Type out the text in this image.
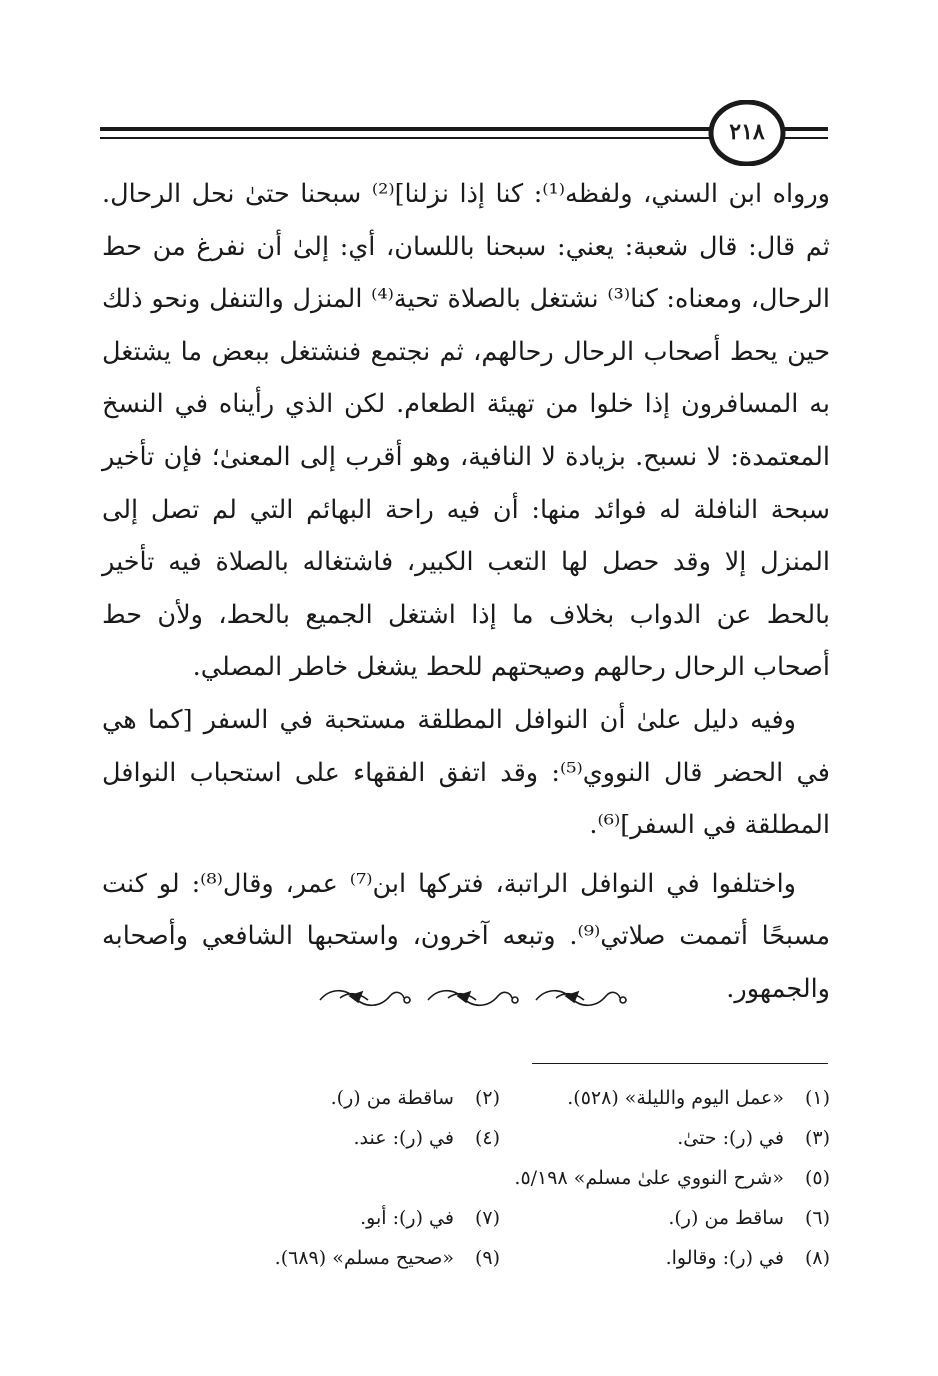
٢١٨

ورواه ابن السني، ولفظه⁽¹⁾: كنا إذا نزلنا]⁽²⁾ سبحنا حتىٰ نحل الرحال. ثم قال: قال شعبة: يعني: سبحنا باللسان، أي: إلىٰ أن نفرغ من حط الرحال، ومعناه: كنا⁽³⁾ نشتغل بالصلاة تحية⁽⁴⁾ المنزل والتنفل ونحو ذلك حين يحط أصحاب الرحال رحالهم، ثم نجتمع فنشتغل ببعض ما يشتغل به المسافرون إذا خلوا من تهيئة الطعام. لكن الذي رأيناه في النسخ المعتمدة: لا نسبح. بزيادة لا النافية، وهو أقرب إلى المعنىٰ؛ فإن تأخير سبحة النافلة له فوائد منها: أن فيه راحة البهائم التي لم تصل إلى المنزل إلا وقد حصل لها التعب الكبير، فاشتغاله بالصلاة فيه تأخير بالحط عن الدواب بخلاف ما إذا اشتغل الجميع بالحط، ولأن حط أصحاب الرحال رحالهم وصيحتهم للحط يشغل خاطر المصلي.

وفيه دليل علىٰ أن النوافل المطلقة مستحبة في السفر [كما هي في الحضر قال النووي⁽⁵⁾: وقد اتفق الفقهاء على استحباب النوافل المطلقة في السفر]⁽⁶⁾.

واختلفوا في النوافل الراتبة، فتركها ابن⁽⁷⁾ عمر، وقال⁽⁸⁾: لو كنت مسبحًا أتممت صلاتي⁽⁹⁾. وتبعه آخرون، واستحبها الشافعي وأصحابه والجمهور.

(١) «عمل اليوم والليلة» (٥٢٨).
(٢) ساقطة من (ر).
(٣) في (ر): حتىٰ.
(٤) في (ر): عند.
(٥) «شرح النووي علىٰ مسلم» ٥/١٩٨.
(٦) ساقط من (ر).
(٧) في (ر): أبو.
(٨) في (ر): وقالوا.
(٩) «صحيح مسلم» (٦٨٩).
